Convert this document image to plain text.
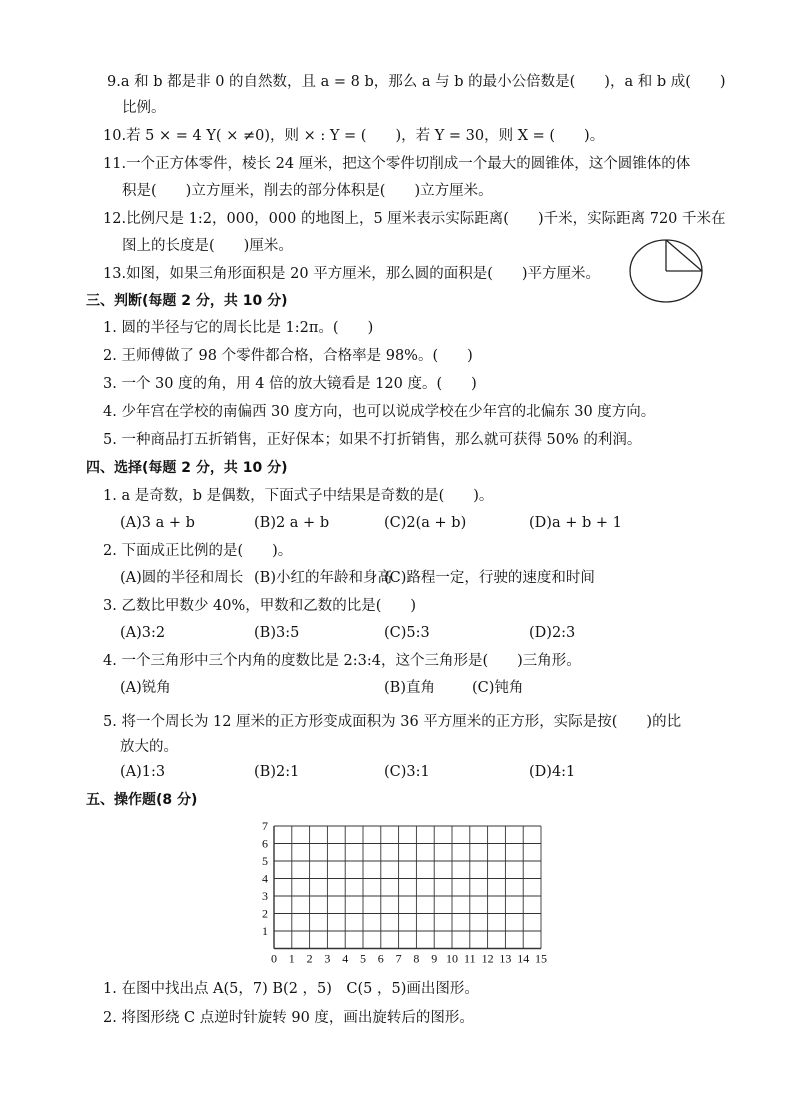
9.a 和 b 都是非 0 的自然数，且 a = 8 b，那么 a 与 b 的最小公倍数是(　　)，a 和 b 成(　　)
比例。
10.若 5 × = 4 Y( × ≠0)，则 × : Y = (　　)，若 Y = 30，则 X = (　　)。
11.一个正方体零件，棱长 24 厘米，把这个零件切削成一个最大的圆锥体，这个圆锥体的体
积是(　　)立方厘米，削去的部分体积是(　　)立方厘米。
12.比例尺是 1:2，000，000 的地图上，5 厘米表示实际距离(　　)千米，实际距离 720 千米在
图上的长度是(　　)厘米。
13.如图，如果三角形面积是 20 平方厘米，那么圆的面积是(　　)平方厘米。
三、判断(每题 2 分，共 10 分)
1. 圆的半径与它的周长比是 1:2π。(　　)
2. 王师傅做了 98 个零件都合格，合格率是 98%。(　　)
3. 一个 30 度的角，用 4 倍的放大镜看是 120 度。(　　)
4. 少年宫在学校的南偏西 30 度方向，也可以说成学校在少年宫的北偏东 30 度方向。
5. 一种商品打五折销售，正好保本；如果不打折销售，那么就可获得 50% 的利润。
四、选择(每题 2 分，共 10 分)
1. a 是奇数，b 是偶数，下面式子中结果是奇数的是(　　)。
(A)3 a + b	(B)2 a + b	(C)2(a + b)	(D)a + b + 1
2. 下面成正比例的是(　　)。
(A)圆的半径和周长 (B)小红的年龄和身高
(C)路程一定，行驶的速度和时间
3. 乙数比甲数少 40%，甲数和乙数的比是(　　)
(A)3:2	(B)3:5	(C)5:3	(D)2:3
4. 一个三角形中三个内角的度数比是 2:3:4，这个三角形是(　　)三角形。
(A)锐角	(B)直角	(C)钝角
5. 将一个周长为 12 厘米的正方形变成面积为 36 平方厘米的正方形，实际是按(　　)的比
放大的。
(A)1:3	(B)2:1	(C)3:1	(D)4:1
五、操作题(8 分)
0 1 2 3 4 5 6 7 8 9 10 11 12 13 14 15
1
2
3
4
5
6
7
1. 在图中找出点 A(5，7) B(2 ，5)　C(5 ，5)画出图形。
2. 将图形绕 C 点逆时针旋转 90 度，画出旋转后的图形。
